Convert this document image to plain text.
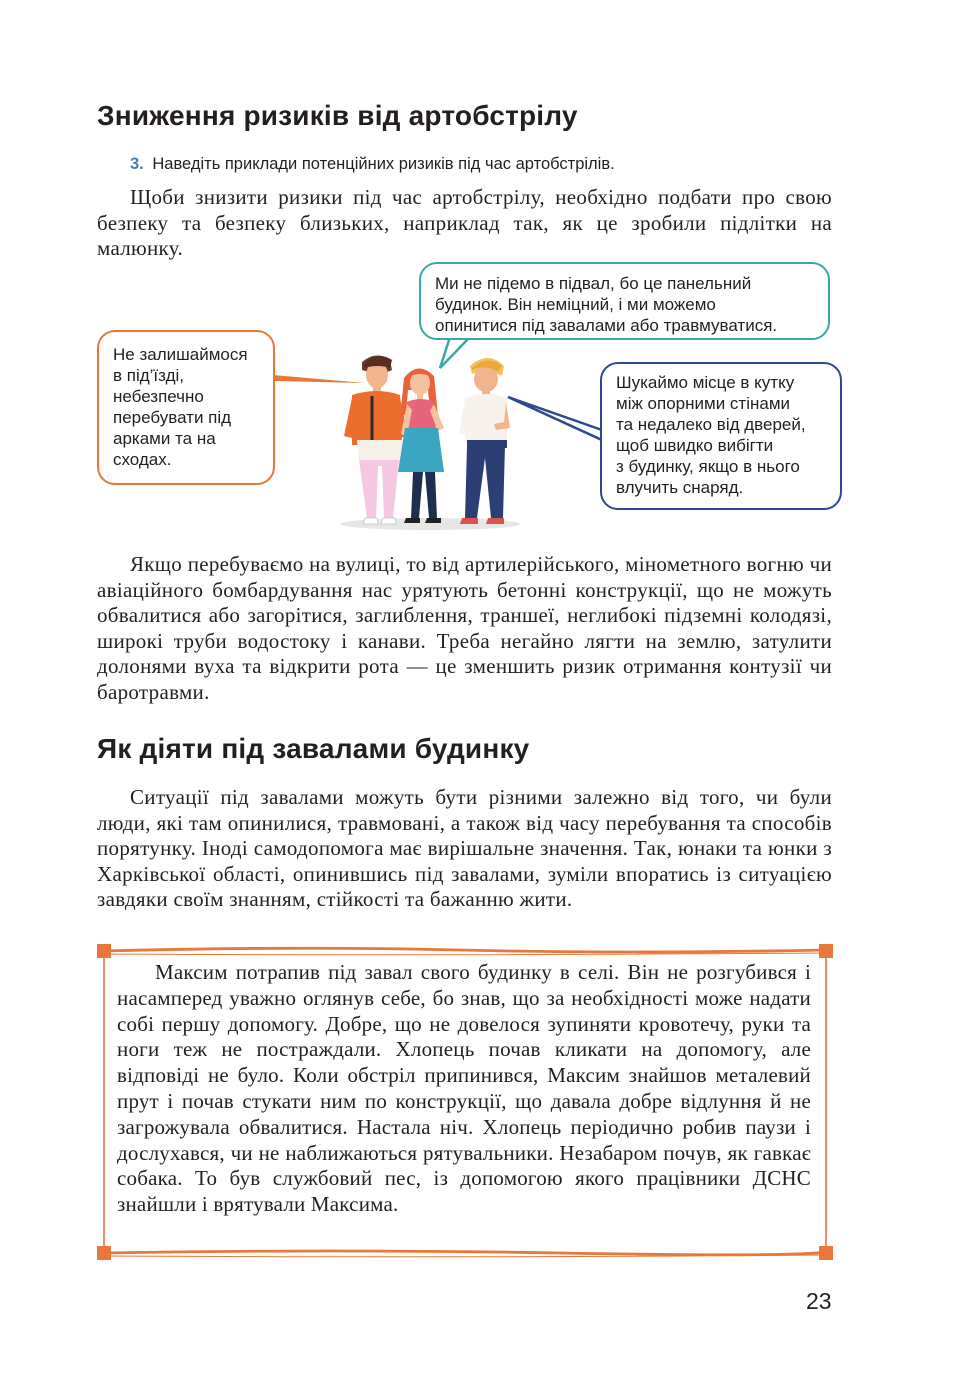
Зниження ризиків від артобстрілу
3. Наведіть приклади потенційних ризиків під час артобстрілів.

Щоби знизити ризики під час артобстрілу, необхідно подбати про свою безпеку та безпеку близьких, наприклад так, як це зробили підлітки на малюнку.

Не залишаймося
в під’їзді,
небезпечно
перебувати під
арками та на
сходах.
Ми не підемо в підвал, бо це панельний
будинок. Він неміцний, і ми можемо
опинитися під завалами або травмуватися.
Шукаймо місце в кутку
між опорними стінами
та недалеко від дверей,
щоб швидко вибігти
з будинку, якщо в нього
влучить снаряд.

Якщо перебуваємо на вулиці, то від артилерійського, мінометного вогню чи авіаційного бомбардування нас урятують бетонні конструкції, що не можуть обвалитися або загорітися, заглиблення, траншеї, неглибокі підземні колодязі, широкі труби водостоку і канави. Треба негайно лягти на землю, затулити долонями вуха та відкрити рота — це зменшить ризик отримання контузії чи баротравми.

Як діяти під завалами будинку

Ситуації під завалами можуть бути різними залежно від того, чи були люди, які там опинилися, травмовані, а також від часу перебування та способів порятунку. Іноді самодопомога має вирішальне значення. Так, юнаки та юнки з Харківської області, опинившись під завалами, зуміли впоратись із ситуацією завдяки своїм знанням, стійкості та бажанню жити.

Максим потрапив під завал свого будинку в селі. Він не розгубився і насамперед уважно оглянув себе, бо знав, що за необхідності може надати собі першу допомогу. Добре, що не довелося зупиняти кровотечу, руки та ноги теж не постраждали. Хлопець почав кликати на допомогу, але відповіді не було. Коли обстріл припинився, Максим знайшов металевий прут і почав стукати ним по конструкції, що давала добре відлуння й не загрожувала обвалитися. Настала ніч. Хлопець періодично робив паузи і дослухався, чи не наближаються рятувальники. Незабаром почув, як гавкає собака. То був службовий пес, із допомогою якого працівники ДСНС знайшли і врятували Максима.

23
